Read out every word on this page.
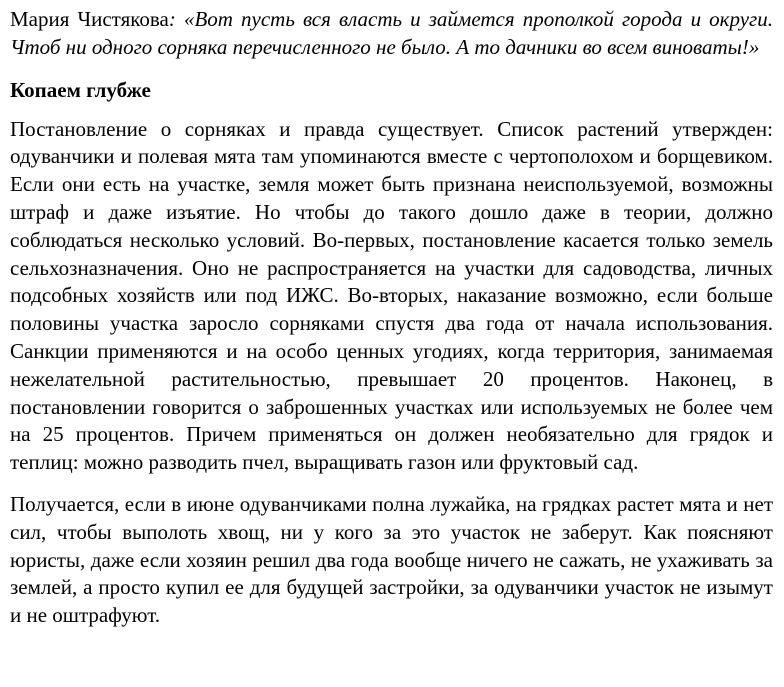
Мария Чистякова: «Вот пусть вся власть и займется прополкой города и округи. Чтоб ни одного сорняка перечисленного не было. А то дачники во всем виноваты!»

Копаем глубже

Постановление о сорняках и правда существует. Список растений утвержден: одуванчики и полевая мята там упоминаются вместе с чертополохом и борщевиком. Если они есть на участке, земля может быть признана неиспользуемой, возможны штраф и даже изъятие. Но чтобы до такого дошло даже в теории, должно соблюдаться несколько условий. Во-первых, постановление касается только земель сельхозназначения. Оно не распространяется на участки для садоводства, личных подсобных хозяйств или под ИЖС. Во-вторых, наказание возможно, если больше половины участка заросло сорняками спустя два года от начала использования. Санкции применяются и на особо ценных угодиях, когда территория, занимаемая нежелательной растительностью, превышает 20 процентов. Наконец, в постановлении говорится о заброшенных участках или используемых не более чем на 25 процентов. Причем применяться он должен необязательно для грядок и теплиц: можно разводить пчел, выращивать газон или фруктовый сад.

Получается, если в июне одуванчиками полна лужайка, на грядках растет мята и нет сил, чтобы выполоть хвощ, ни у кого за это участок не заберут. Как поясняют юристы, даже если хозяин решил два года вообще ничего не сажать, не ухаживать за землей, а просто купил ее для будущей застройки, за одуванчики участок не изымут и не оштрафуют.
